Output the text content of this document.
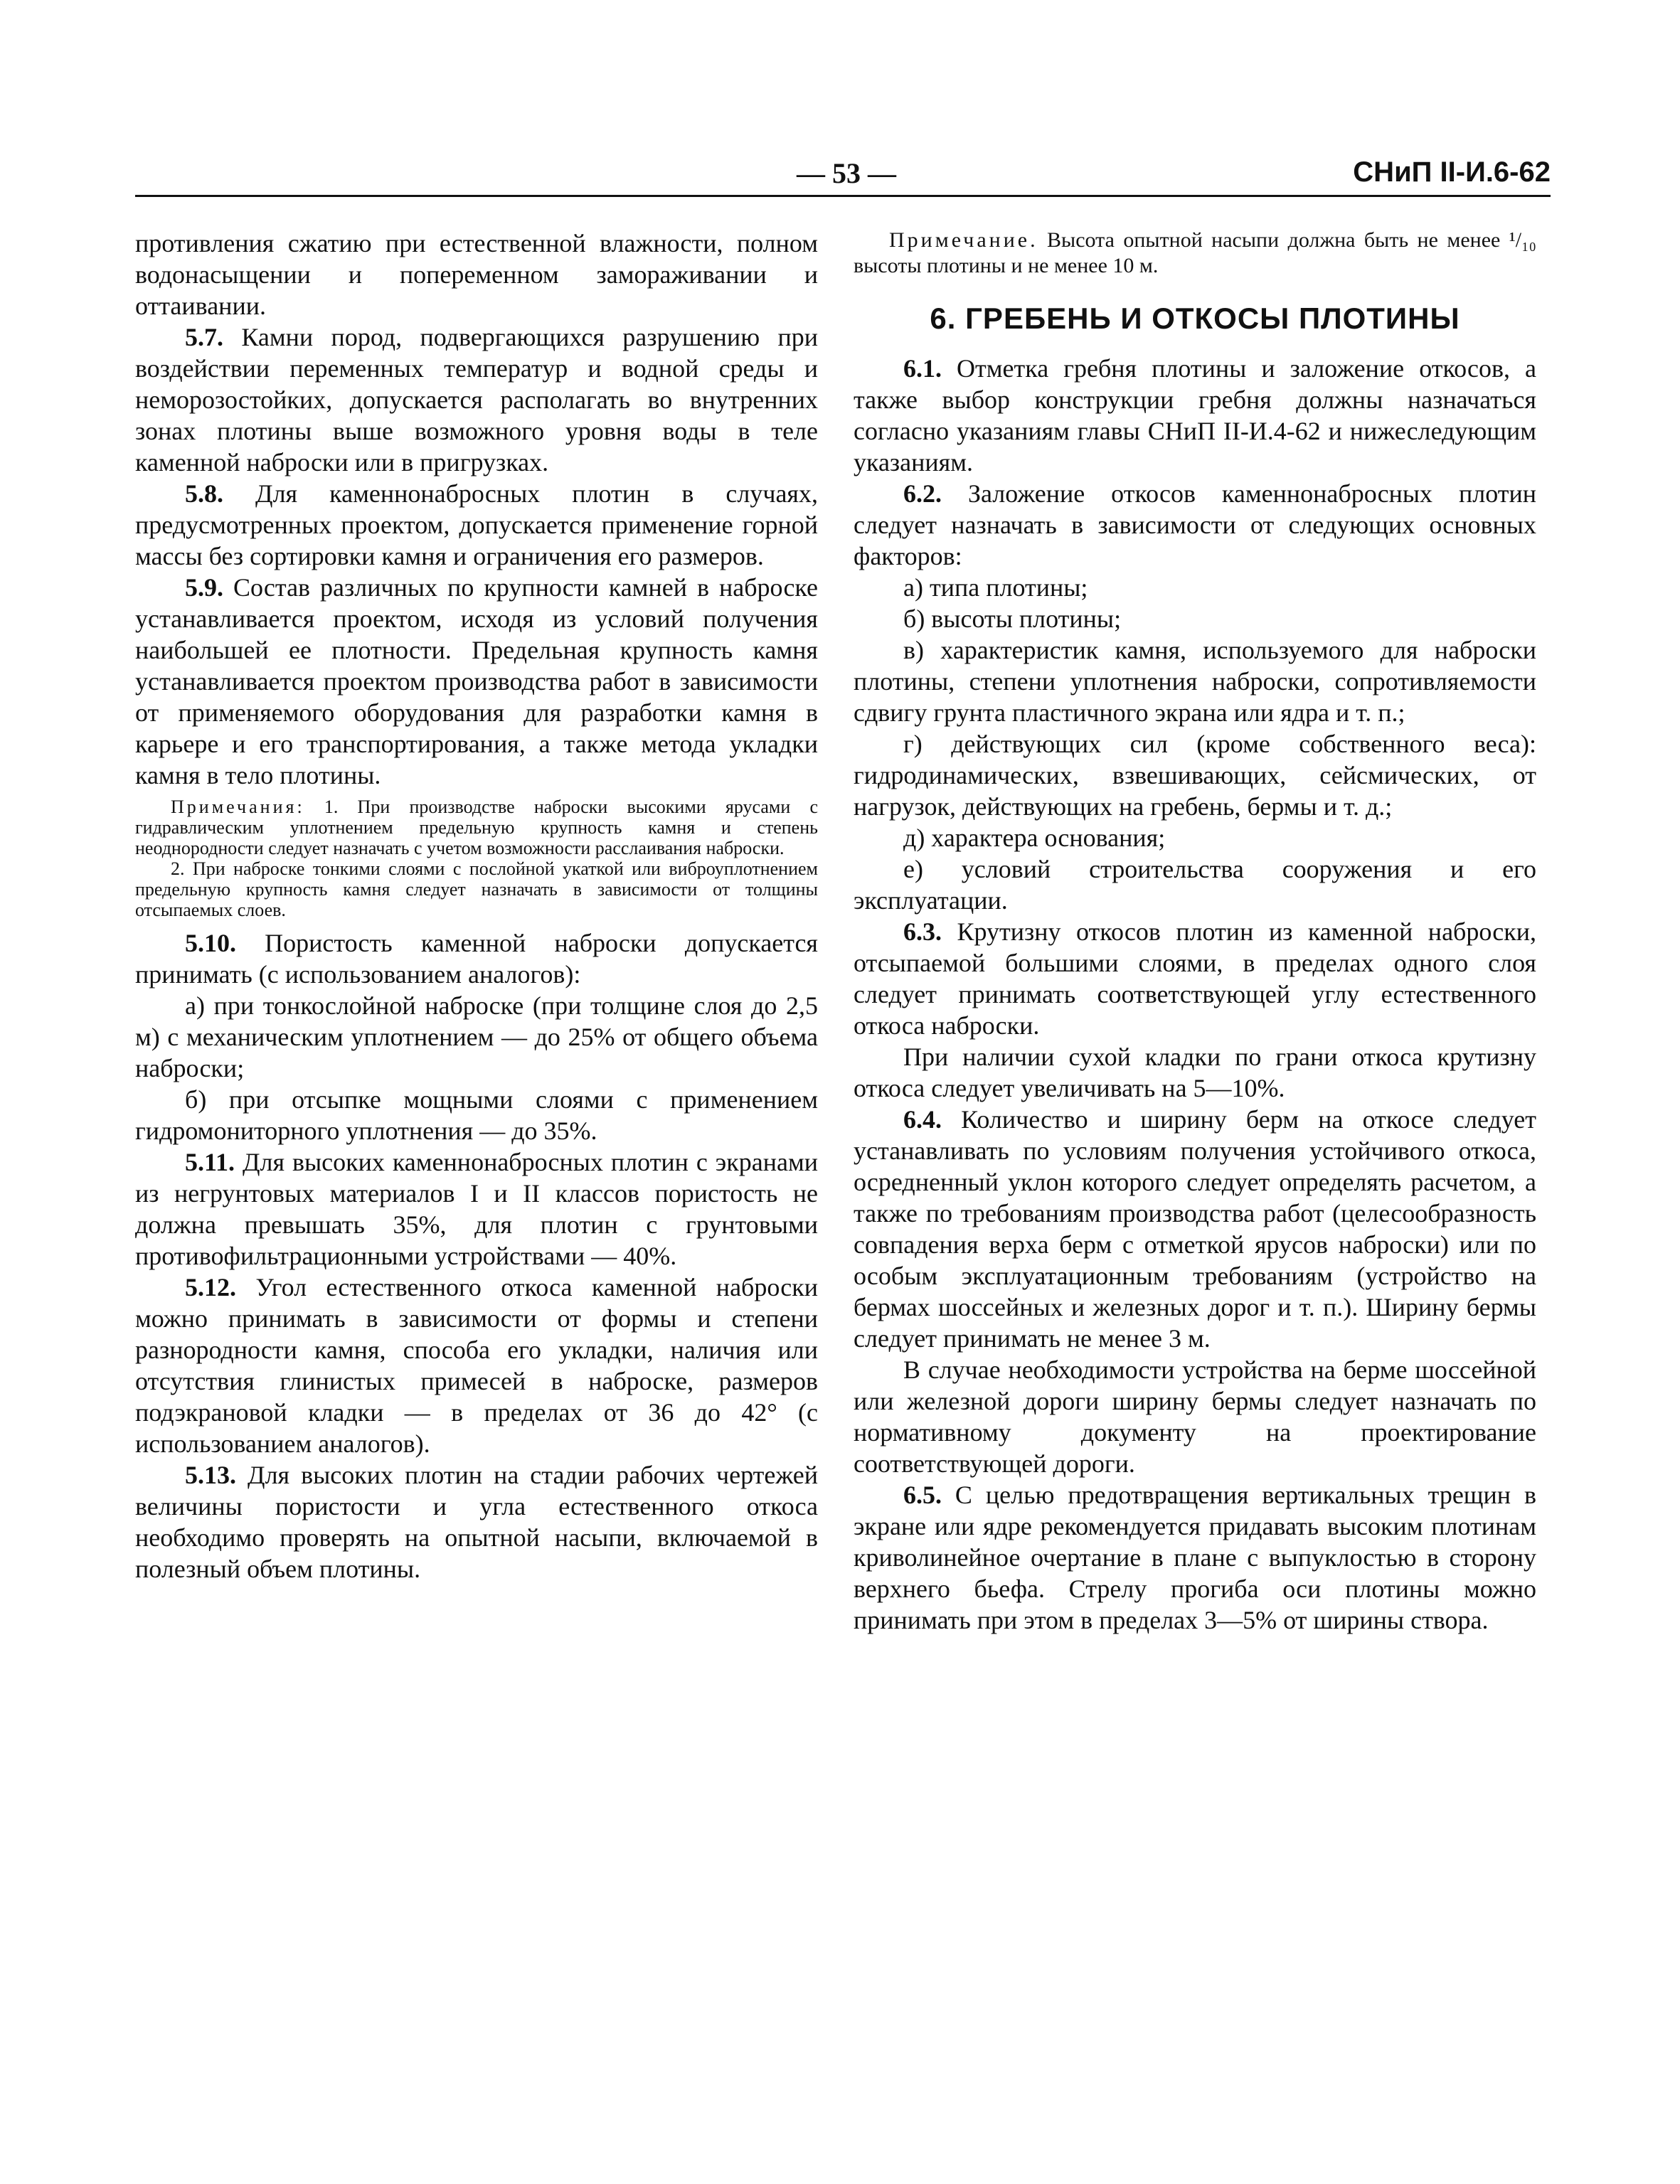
— 53 —	СНиП II-И.6-62

противления сжатию при естественной влажности, полном водонасыщении и попеременном замораживании и оттаивании.

5.7. Камни пород, подвергающихся разрушению при воздействии переменных температур и водной среды и неморозостойких, допускается располагать во внутренних зонах плотины выше возможного уровня воды в теле каменной наброски или в пригрузках.

5.8. Для каменнонабросных плотин в случаях, предусмотренных проектом, допускается применение горной массы без сортировки камня и ограничения его размеров.

5.9. Состав различных по крупности камней в наброске устанавливается проектом, исходя из условий получения наибольшей ее плотности. Предельная крупность камня устанавливается проектом производства работ в зависимости от применяемого оборудования для разработки камня в карьере и его транспортирования, а также метода укладки камня в тело плотины.

Примечания: 1. При производстве наброски высокими ярусами с гидравлическим уплотнением предельную крупность камня и степень неоднородности следует назначать с учетом возможности расслаивания наброски.

2. При наброске тонкими слоями с послойной укаткой или виброуплотнением предельную крупность камня следует назначать в зависимости от толщины отсыпаемых слоев.

5.10. Пористость каменной наброски допускается принимать (с использованием аналогов):

а) при тонкослойной наброске (при толщине слоя до 2,5 м) с механическим уплотнением — до 25% от общего объема наброски;

б) при отсыпке мощными слоями с применением гидромониторного уплотнения — до 35%.

5.11. Для высоких каменнонабросных плотин с экранами из негрунтовых материалов I и II классов пористость не должна превышать 35%, для плотин с грунтовыми противофильтрационными устройствами — 40%.

5.12. Угол естественного откоса каменной наброски можно принимать в зависимости от формы и степени разнородности камня, способа его укладки, наличия или отсутствия глинистых примесей в наброске, размеров подэкрановой кладки — в пределах от 36 до 42° (с использованием аналогов).

5.13. Для высоких плотин на стадии рабочих чертежей величины пористости и угла естественного откоса необходимо проверять на опытной насыпи, включаемой в полезный объем плотины.

Примечание. Высота опытной насыпи должна быть не менее ¹/₁₀ высоты плотины и не менее 10 м.

6. ГРЕБЕНЬ И ОТКОСЫ ПЛОТИНЫ

6.1. Отметка гребня плотины и заложение откосов, а также выбор конструкции гребня должны назначаться согласно указаниям главы СНиП II-И.4-62 и нижеследующим указаниям.

6.2. Заложение откосов каменнонабросных плотин следует назначать в зависимости от следующих основных факторов:

а) типа плотины;

б) высоты плотины;

в) характеристик камня, используемого для наброски плотины, степени уплотнения наброски, сопротивляемости сдвигу грунта пластичного экрана или ядра и т. п.;

г) действующих сил (кроме собственного веса): гидродинамических, взвешивающих, сейсмических, от нагрузок, действующих на гребень, бермы и т. д.;

д) характера основания;

е) условий строительства сооружения и его эксплуатации.

6.3. Крутизну откосов плотин из каменной наброски, отсыпаемой большими слоями, в пределах одного слоя следует принимать соответствующей углу естественного откоса наброски.

При наличии сухой кладки по грани откоса крутизну откоса следует увеличивать на 5—10%.

6.4. Количество и ширину берм на откосе следует устанавливать по условиям получения устойчивого откоса, осредненный уклон которого следует определять расчетом, а также по требованиям производства работ (целесообразность совпадения верха берм с отметкой ярусов наброски) или по особым эксплуатационным требованиям (устройство на бермах шоссейных и железных дорог и т. п.). Ширину бермы следует принимать не менее 3 м.

В случае необходимости устройства на берме шоссейной или железной дороги ширину бермы следует назначать по нормативному документу на проектирование соответствующей дороги.

6.5. С целью предотвращения вертикальных трещин в экране или ядре рекомендуется придавать высоким плотинам криволинейное очертание в плане с выпуклостью в сторону верхнего бьефа. Стрелу прогиба оси плотины можно принимать при этом в пределах 3—5% от ширины створа.
